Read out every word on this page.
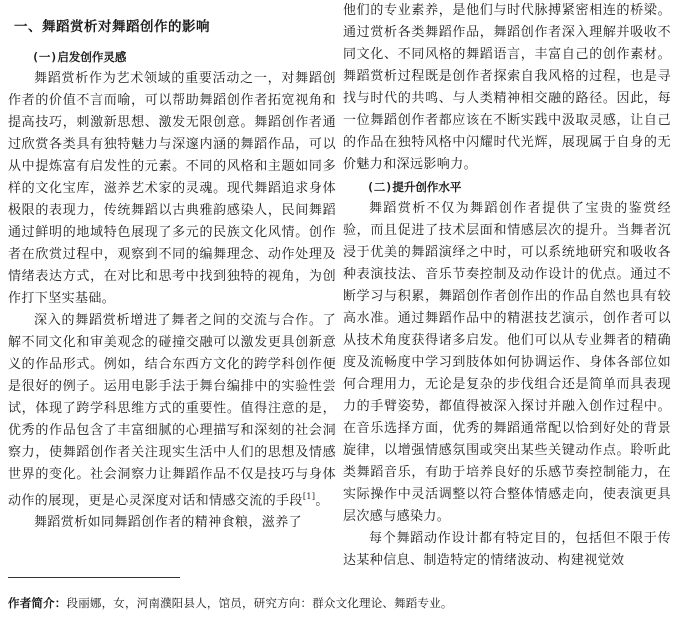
一、舞蹈赏析对舞蹈创作的影响
(一)启发创作灵感

舞蹈赏析作为艺术领域的重要活动之一，对舞蹈创作者的价值不言而喻，可以帮助舞蹈创作者拓宽视角和提高技巧，刺激新思想、激发无限创意。舞蹈创作者通过欣赏各类具有独特魅力与深邃内涵的舞蹈作品，可以从中提炼富有启发性的元素。不同的风格和主题如同多样的文化宝库，滋养艺术家的灵魂。现代舞蹈追求身体极限的表现力，传统舞蹈以古典雅韵感染人，民间舞蹈通过鲜明的地域特色展现了多元的民族文化风情。创作者在欣赏过程中，观察到不同的编舞理念、动作处理及情绪表达方式，在对比和思考中找到独特的视角，为创作打下坚实基础。

深入的舞蹈赏析增进了舞者之间的交流与合作。了解不同文化和审美观念的碰撞交融可以激发更具创新意义的作品形式。例如，结合东西方文化的跨学科创作便是很好的例子。运用电影手法于舞台编排中的实验性尝试，体现了跨学科思维方式的重要性。值得注意的是，优秀的作品包含了丰富细腻的心理描写和深刻的社会洞察力，使舞蹈创作者关注现实生活中人们的思想及情感世界的变化。社会洞察力让舞蹈作品不仅是技巧与身体动作的展现，更是心灵深度对话和情感交流的手段[1]。

舞蹈赏析如同舞蹈创作者的精神食粮，滋养了

他们的专业素养，是他们与时代脉搏紧密相连的桥梁。通过赏析各类舞蹈作品，舞蹈创作者深入理解并吸收不同文化、不同风格的舞蹈语言，丰富自己的创作素材。舞蹈赏析过程既是创作者探索自我风格的过程，也是寻找与时代的共鸣、与人类精神相交融的路径。因此，每一位舞蹈创作者都应该在不断实践中汲取灵感，让自己的作品在独特风格中闪耀时代光辉，展现属于自身的无价魅力和深远影响力。

(二)提升创作水平

舞蹈赏析不仅为舞蹈创作者提供了宝贵的鉴赏经验，而且促进了技术层面和情感层次的提升。当舞者沉浸于优美的舞蹈演绎之中时，可以系统地研究和吸收各种表演技法、音乐节奏控制及动作设计的优点。通过不断学习与积累，舞蹈创作者创作出的作品自然也具有较高水准。通过舞蹈作品中的精湛技艺演示，创作者可以从技术角度获得诸多启发。他们可以从专业舞者的精确度及流畅度中学习到肢体如何协调运作、身体各部位如何合理用力，无论是复杂的步伐组合还是简单而具表现力的手臂姿势，都值得被深入探讨并融入创作过程中。在音乐选择方面，优秀的舞蹈通常配以恰到好处的背景旋律，以增强情感氛围或突出某些关键动作点。聆听此类舞蹈音乐，有助于培养良好的乐感节奏控制能力，在实际操作中灵活调整以符合整体情感走向，使表演更具层次感与感染力。

每个舞蹈动作设计都有特定目的，包括但不限于传达某种信息、制造特定的情绪波动、构建视觉效

作者简介：段丽娜，女，河南濮阳县人，馆员，研究方向：群众文化理论、舞蹈专业。
